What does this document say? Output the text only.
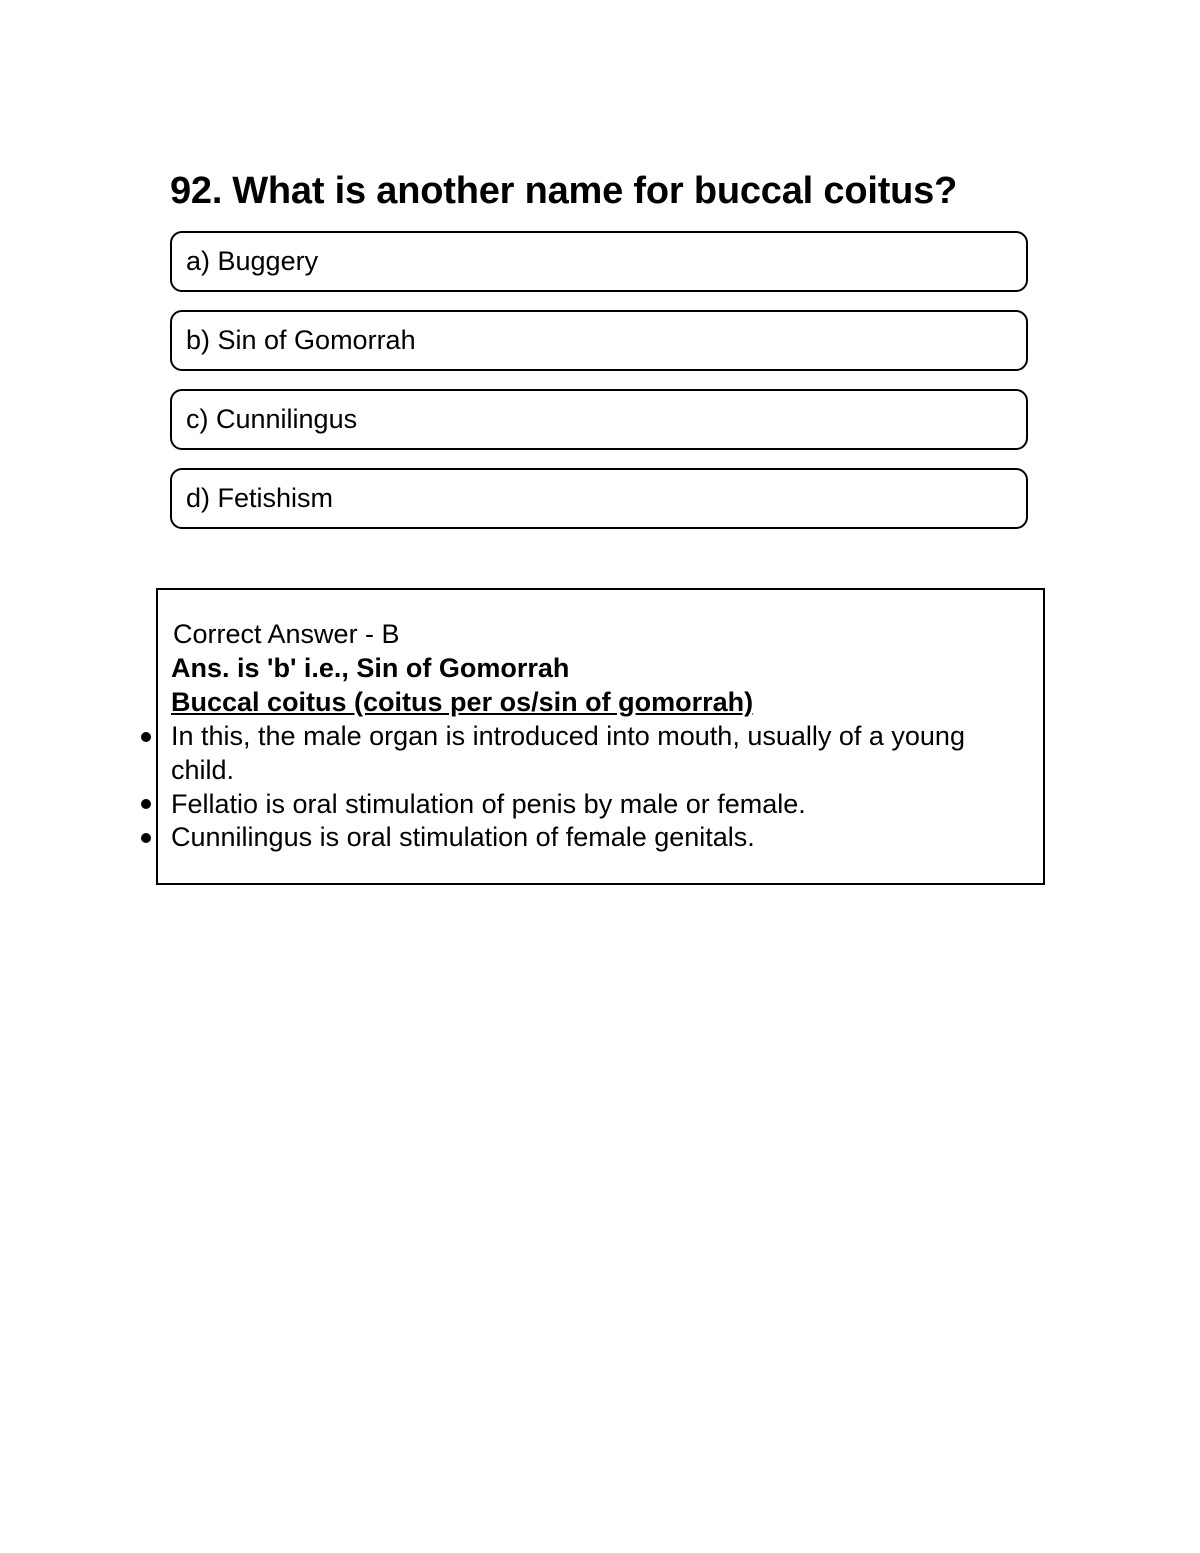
92. What is another name for buccal coitus?
a) Buggery
b) Sin of Gomorrah
c) Cunnilingus
d) Fetishism
Correct Answer - B
Ans. is 'b' i.e., Sin of Gomorrah
Buccal coitus (coitus per os/sin of gomorrah)
In this, the male organ is introduced into mouth, usually of a young
child.
Fellatio is oral stimulation of penis by male or female.
Cunnilingus is oral stimulation of female genitals.
